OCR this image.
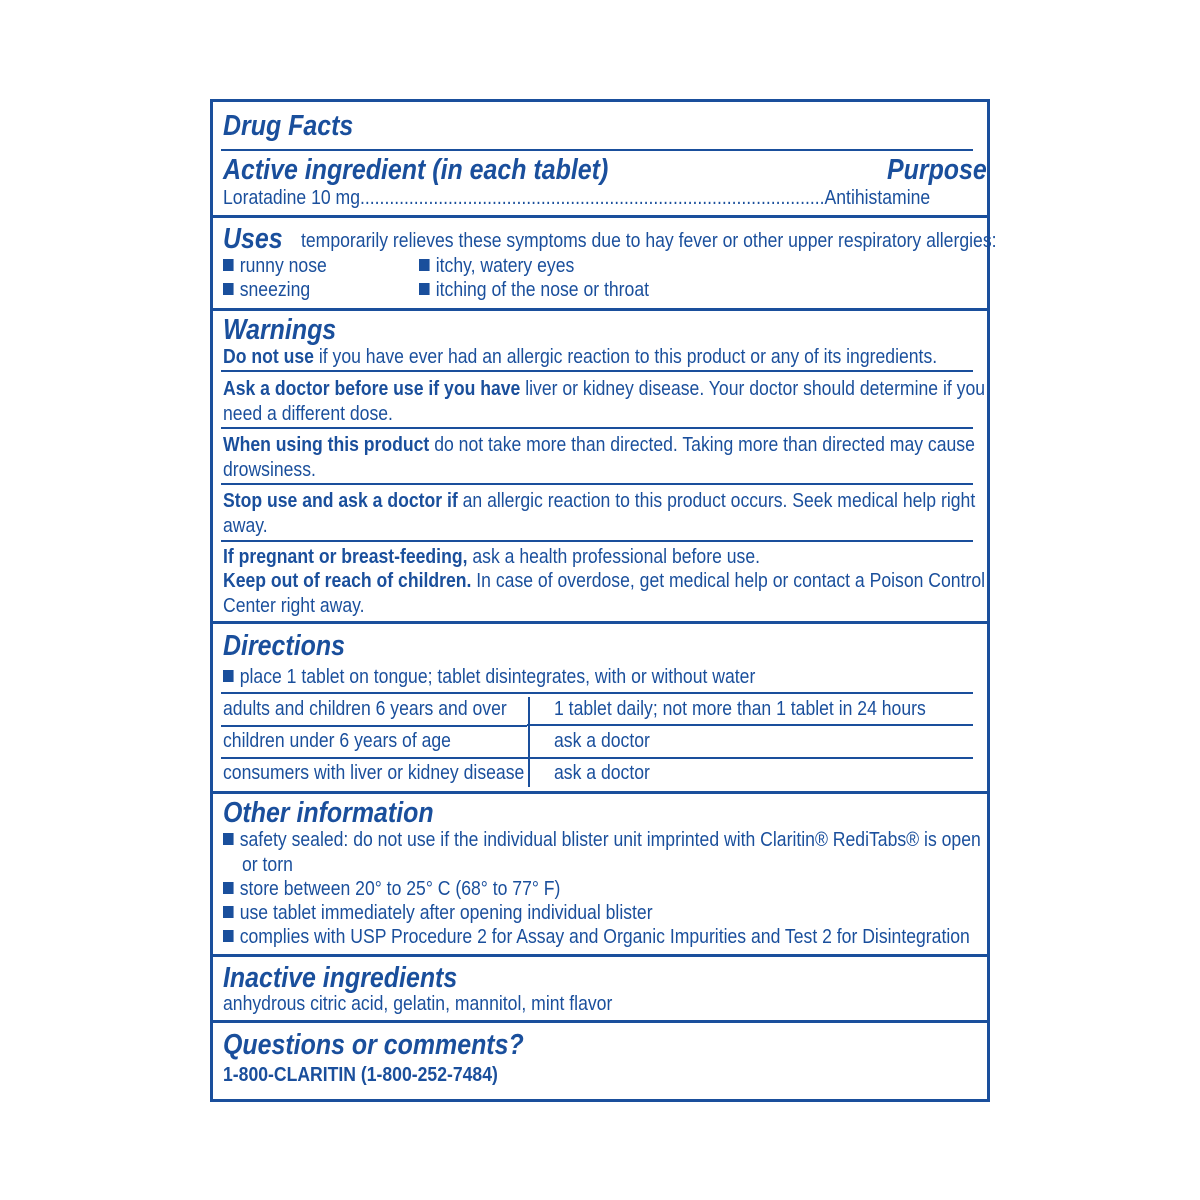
Drug Facts
Active ingredient (in each tablet)	Purpose
Loratadine 10 mg...............................................................................................Antihistamine
Uses temporarily relieves these symptoms due to hay fever or other upper respiratory allergies:
runny nose	itchy, watery eyes
sneezing	itching of the nose or throat
Warnings
Do not use if you have ever had an allergic reaction to this product or any of its ingredients.
Ask a doctor before use if you have liver or kidney disease. Your doctor should determine if you
need a different dose.
When using this product do not take more than directed. Taking more than directed may cause
drowsiness.
Stop use and ask a doctor if an allergic reaction to this product occurs. Seek medical help right
away.
If pregnant or breast-feeding, ask a health professional before use.
Keep out of reach of children. In case of overdose, get medical help or contact a Poison Control
Center right away.
Directions
place 1 tablet on tongue; tablet disintegrates, with or without water
adults and children 6 years and over 1 tablet daily; not more than 1 tablet in 24 hours
children under 6 years of age	ask a doctor
consumers with liver or kidney disease ask a doctor
Other information
safety sealed: do not use if the individual blister unit imprinted with Claritin® RediTabs® is open
or torn
store between 20° to 25° C (68° to 77° F)
use tablet immediately after opening individual blister
complies with USP Procedure 2 for Assay and Organic Impurities and Test 2 for Disintegration
Inactive ingredients
anhydrous citric acid, gelatin, mannitol, mint flavor
Questions or comments?
1-800-CLARITIN (1-800-252-7484)
